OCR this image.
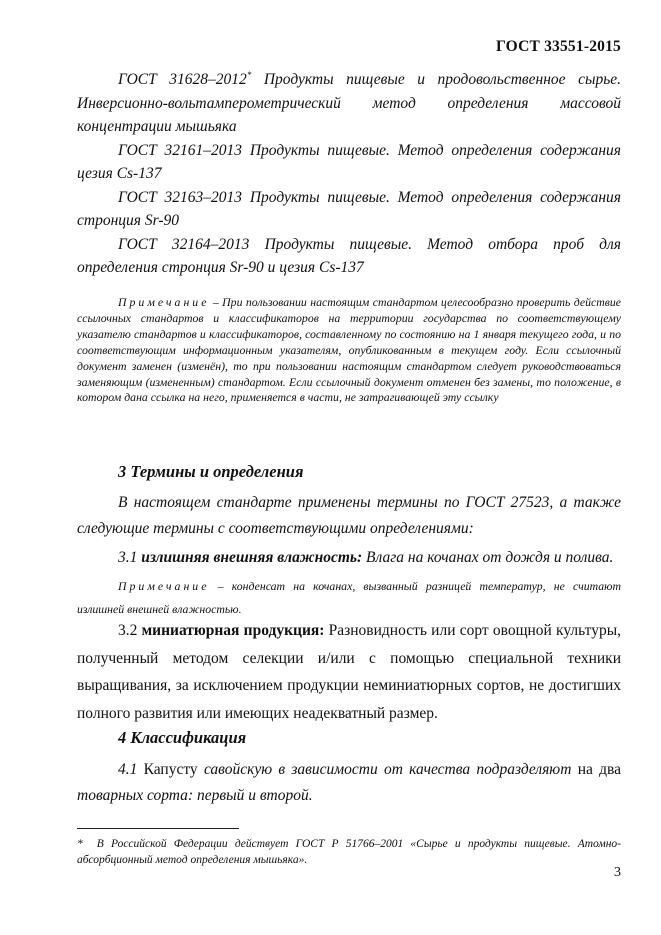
ГОСТ 33551-2015
ГОСТ 31628–2012* Продукты пищевые и продовольственное сырье. Инверсионно-вольтамперометрический метод определения массовой концентрации мышьяка
ГОСТ 32161–2013 Продукты пищевые. Метод определения содержания цезия Cs-137
ГОСТ 32163–2013 Продукты пищевые. Метод определения содержания стронция Sr-90
ГОСТ 32164–2013 Продукты пищевые. Метод отбора проб для определения стронция Sr-90 и цезия Cs-137
Примечание – При пользовании настоящим стандартом целесообразно проверить действие ссылочных стандартов и классификаторов на территории государства по соответствующему указателю стандартов и классификаторов, составленному по состоянию на 1 января текущего года, и по соответствующим информационным указателям, опубликованным в текущем году. Если ссылочный документ заменен (изменён), то при пользовании настоящим стандартом следует руководствоваться заменяющим (измененным) стандартом. Если ссылочный документ отменен без замены, то положение, в котором дана ссылка на него, применяется в части, не затрагивающей эту ссылку
3 Термины и определения
В настоящем стандарте применены термины по ГОСТ 27523, а также следующие термины с соответствующими определениями:
3.1 излишняя внешняя влажность: Влага на кочанах от дождя и полива.
Примечание – конденсат на кочанах, вызванный разницей температур, не считают излишней внешней влажностью.
3.2 миниатюрная продукция: Разновидность или сорт овощной культуры, полученный методом селекции и/или с помощью специальной техники выращивания, за исключением продукции неминиатюрных сортов, не достигших полного развития или имеющих неадекватный размер.
4 Классификация
4.1 Капусту савойскую в зависимости от качества подразделяют на два товарных сорта: первый и второй.
* В Российской Федерации действует ГОСТ Р 51766–2001 «Сырье и продукты пищевые. Атомно-абсорбционный метод определения мышьяка».
3
